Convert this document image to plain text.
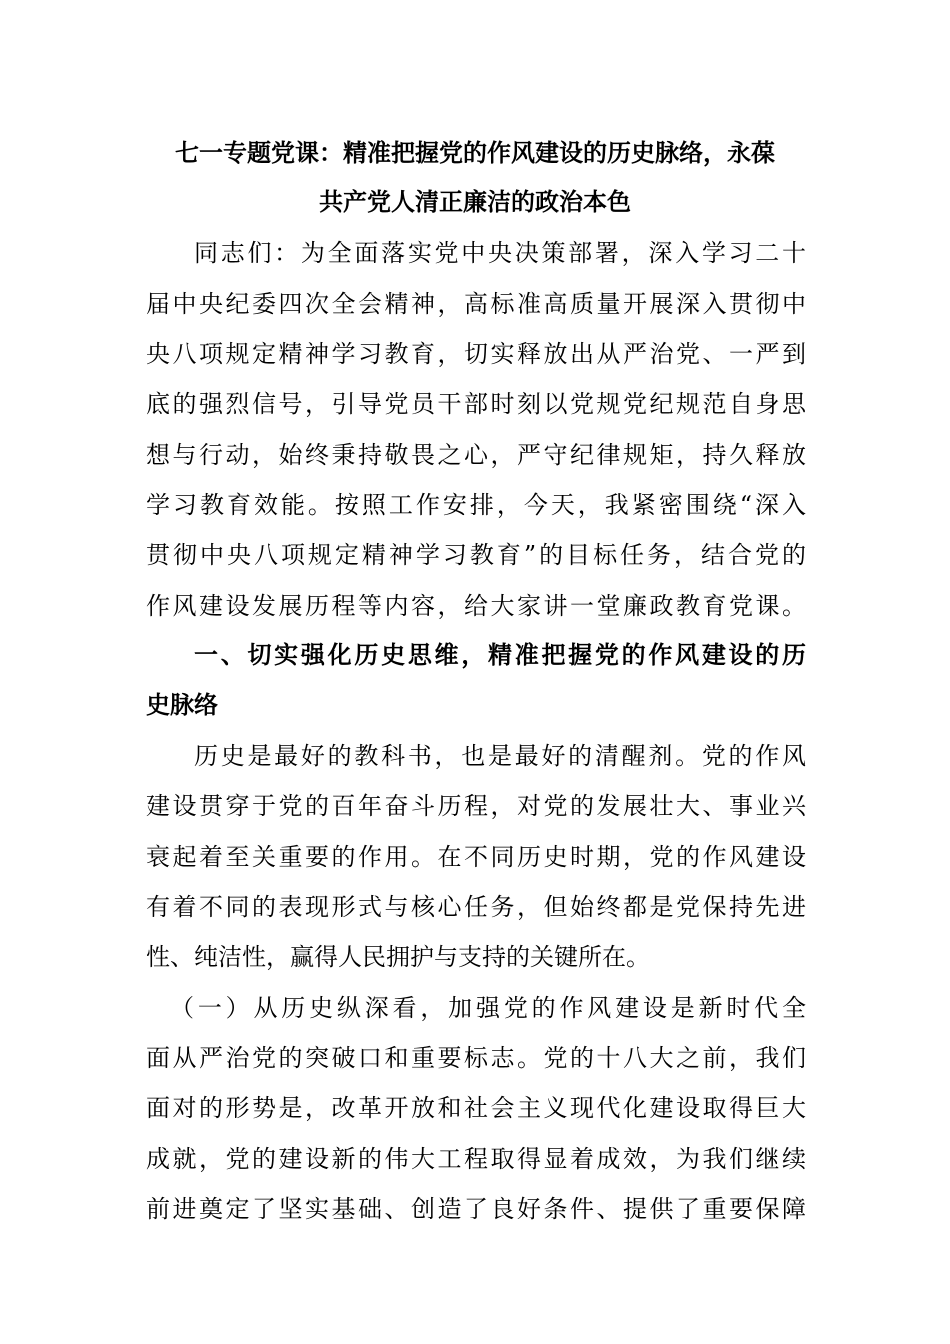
七一专题党课：精准把握党的作风建设的历史脉络，永葆
共产党人清正廉洁的政治本色
同志们：为全面落实党中央决策部署，深入学习二十
届中央纪委四次全会精神，高标准高质量开展深入贯彻中
央八项规定精神学习教育，切实释放出从严治党、一严到
底的强烈信号，引导党员干部时刻以党规党纪规范自身思
想与行动，始终秉持敬畏之心，严守纪律规矩，持久释放
学习教育效能。按照工作安排，今天，我紧密围绕“深入
贯彻中央八项规定精神学习教育”的目标任务，结合党的
作风建设发展历程等内容，给大家讲一堂廉政教育党课。
一、切实强化历史思维，精准把握党的作风建设的历
史脉络
历史是最好的教科书，也是最好的清醒剂。党的作风
建设贯穿于党的百年奋斗历程，对党的发展壮大、事业兴
衰起着至关重要的作用。在不同历史时期，党的作风建设
有着不同的表现形式与核心任务，但始终都是党保持先进
性、纯洁性，赢得人民拥护与支持的关键所在。
（一）从历史纵深看，加强党的作风建设是新时代全
面从严治党的突破口和重要标志。党的十八大之前，我们
面对的形势是，改革开放和社会主义现代化建设取得巨大
成就，党的建设新的伟大工程取得显着成效，为我们继续
前进奠定了坚实基础、创造了良好条件、提供了重要保障
